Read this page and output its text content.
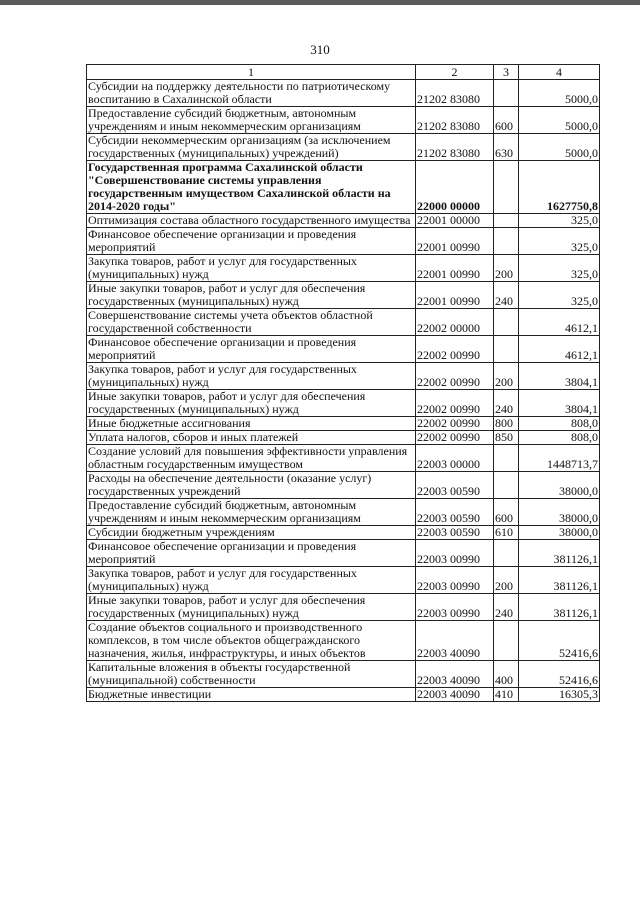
310
1	2	3	4
Субсидии на поддержку деятельности по патриотическому воспитанию в Сахалинской области	21202 83080		5000,0
Предоставление субсидий бюджетным, автономным учреждениям и иным некоммерческим организациям	21202 83080	600	5000,0
Субсидии некоммерческим организациям (за исключением государственных (муниципальных) учреждений)	21202 83080	630	5000,0
Государственная программа Сахалинской области "Совершенствование системы управления государственным имуществом Сахалинской области на 2014-2020 годы"	22000 00000		1627750,8
Оптимизация состава областного государственного имущества	22001 00000		325,0
Финансовое обеспечение организации и проведения мероприятий	22001 00990		325,0
Закупка товаров, работ и услуг для государственных (муниципальных) нужд	22001 00990	200	325,0
Иные закупки товаров, работ и услуг для обеспечения государственных (муниципальных) нужд	22001 00990	240	325,0
Совершенствование системы учета объектов областной государственной собственности	22002 00000		4612,1
Финансовое обеспечение организации и проведения мероприятий	22002 00990		4612,1
Закупка товаров, работ и услуг для государственных (муниципальных) нужд	22002 00990	200	3804,1
Иные закупки товаров, работ и услуг для обеспечения государственных (муниципальных) нужд	22002 00990	240	3804,1
Иные бюджетные ассигнования	22002 00990	800	808,0
Уплата налогов, сборов и иных платежей	22002 00990	850	808,0
Создание условий для повышения эффективности управления областным государственным имуществом	22003 00000		1448713,7
Расходы на обеспечение деятельности (оказание услуг) государственных учреждений	22003 00590		38000,0
Предоставление субсидий бюджетным, автономным учреждениям и иным некоммерческим организациям	22003 00590	600	38000,0
Субсидии бюджетным учреждениям	22003 00590	610	38000,0
Финансовое обеспечение организации и проведения мероприятий	22003 00990		381126,1
Закупка товаров, работ и услуг для государственных (муниципальных) нужд	22003 00990	200	381126,1
Иные закупки товаров, работ и услуг для обеспечения государственных (муниципальных) нужд	22003 00990	240	381126,1
Создание объектов социального и производственного комплексов, в том числе объектов общегражданского назначения, жилья, инфраструктуры, и иных объектов	22003 40090		52416,6
Капитальные вложения в объекты государственной (муниципальной) собственности	22003 40090	400	52416,6
Бюджетные инвестиции	22003 40090	410	16305,3
